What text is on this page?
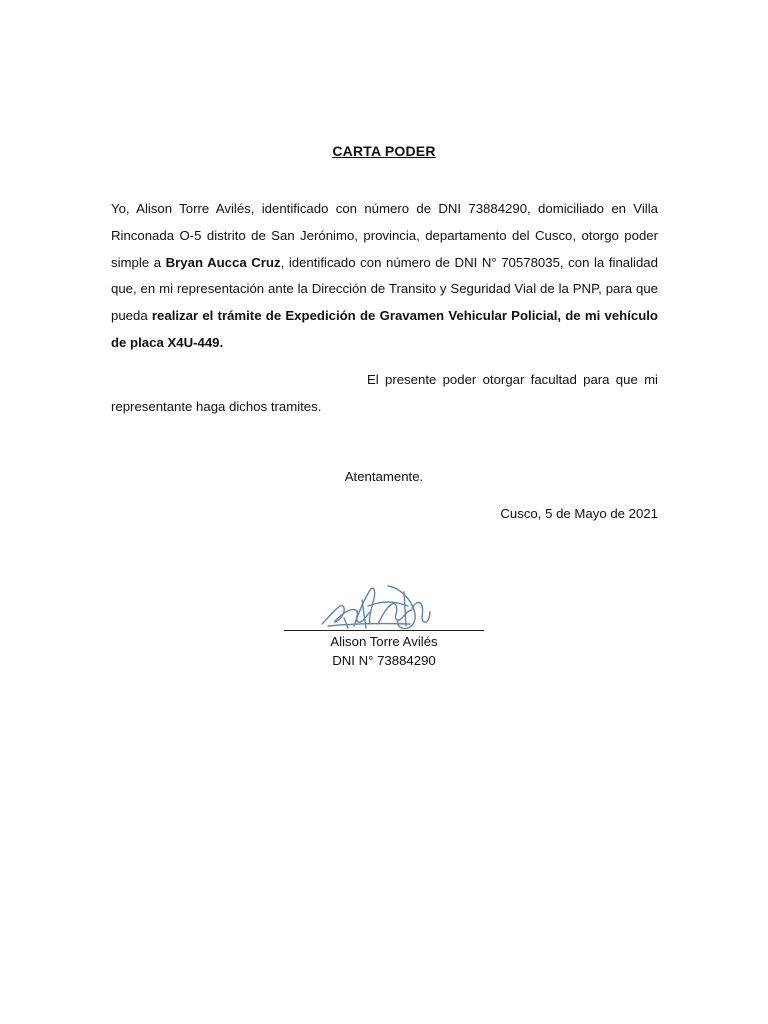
CARTA PODER

Yo, Alison Torre Avilés, identificado con número de DNI 73884290, domiciliado en Villa Rinconada O-5 distrito de San Jerónimo, provincia, departamento del Cusco, otorgo poder simple a Bryan Aucca Cruz, identificado con número de DNI N° 70578035, con la finalidad que, en mi representación ante la Dirección de Transito y Seguridad Vial de la PNP, para que pueda realizar el trámite de Expedición de Gravamen Vehicular Policial, de mi vehículo de placa X4U-449.

El presente poder otorgar facultad para que mi representante haga dichos tramites.

Atentamente.
Cusco, 5 de Mayo de 2021
Alison Torre Avilés
DNI N° 73884290
